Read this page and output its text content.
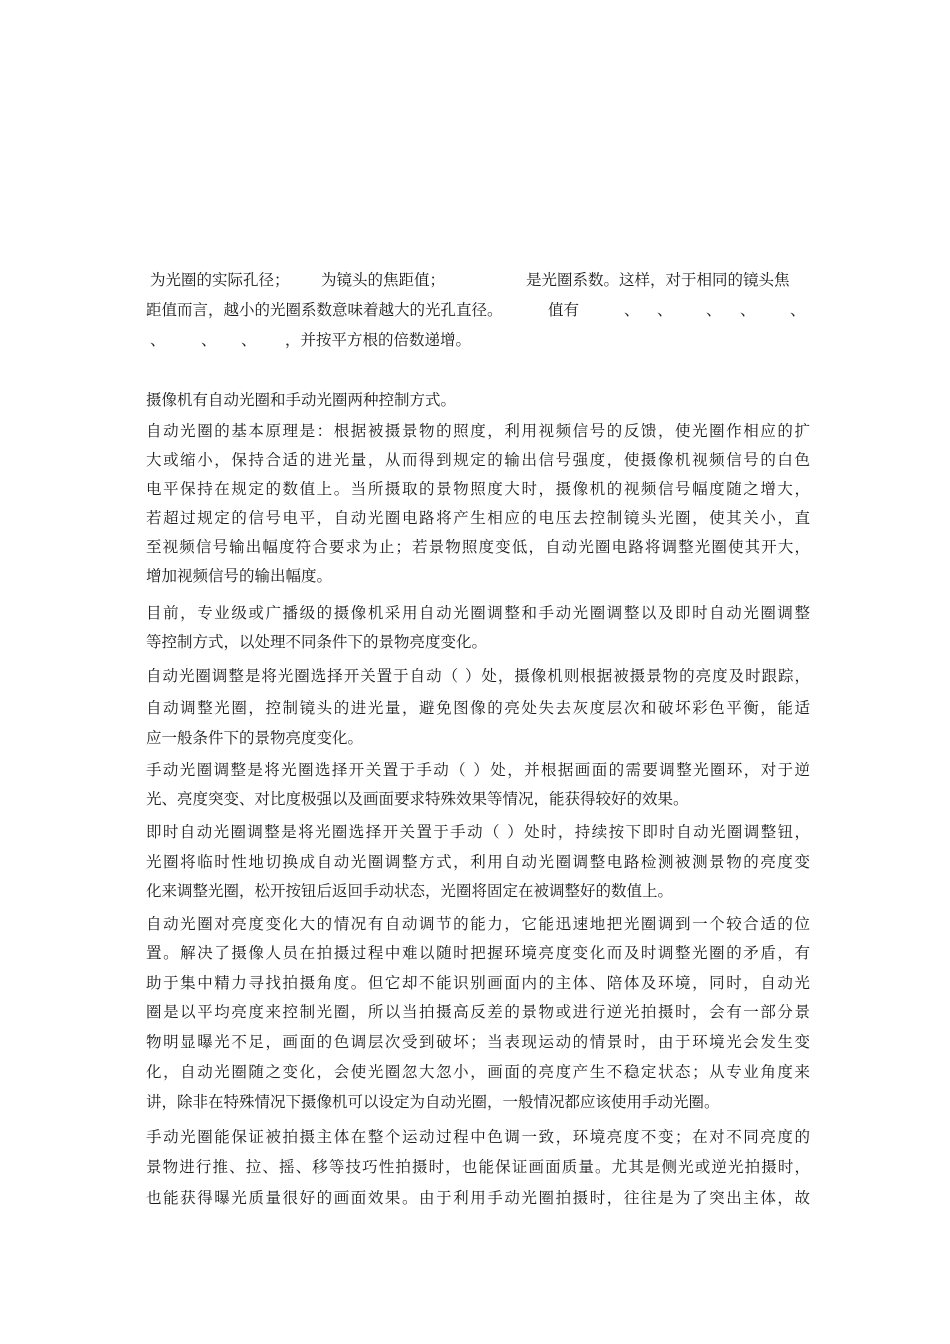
为光圈的实际孔径； 为镜头的焦距值；	是光圈系数。这样，对于相同的镜头焦
距值而言，越小的光圈系数意味着越大的光孔直径。	值有	、 、 、 、 、
、 、 、 ，并按平方根的倍数递增。
摄像机有自动光圈和手动光圈两种控制方式。
自动光圈的基本原理是：根据被摄景物的照度，利用视频信号的反馈，使光圈作相应的扩
大或缩小，保持合适的进光量，从而得到规定的输出信号强度，使摄像机视频信号的白色
电平保持在规定的数值上。当所摄取的景物照度大时，摄像机的视频信号幅度随之增大，
若超过规定的信号电平，自动光圈电路将产生相应的电压去控制镜头光圈，使其关小，直
至视频信号输出幅度符合要求为止；若景物照度变低，自动光圈电路将调整光圈使其开大，
增加视频信号的输出幅度。
目前，专业级或广播级的摄像机采用自动光圈调整和手动光圈调整以及即时自动光圈调整
等控制方式，以处理不同条件下的景物亮度变化。
自动光圈调整是将光圈选择开关置于自动（ ）处，摄像机则根据被摄景物的亮度及时跟踪，
自动调整光圈，控制镜头的进光量，避免图像的亮处失去灰度层次和破坏彩色平衡，能适
应一般条件下的景物亮度变化。
手动光圈调整是将光圈选择开关置于手动（ ）处，并根据画面的需要调整光圈环，对于逆
光、亮度突变、对比度极强以及画面要求特殊效果等情况，能获得较好的效果。
即时自动光圈调整是将光圈选择开关置于手动（ ）处时，持续按下即时自动光圈调整钮，
光圈将临时性地切换成自动光圈调整方式，利用自动光圈调整电路检测被测景物的亮度变
化来调整光圈，松开按钮后返回手动状态，光圈将固定在被调整好的数值上。
自动光圈对亮度变化大的情况有自动调节的能力，它能迅速地把光圈调到一个较合适的位
置。解决了摄像人员在拍摄过程中难以随时把握环境亮度变化而及时调整光圈的矛盾，有
助于集中精力寻找拍摄角度。但它却不能识别画面内的主体、陪体及环境，同时，自动光
圈是以平均亮度来控制光圈，所以当拍摄高反差的景物或进行逆光拍摄时，会有一部分景
物明显曝光不足，画面的色调层次受到破坏；当表现运动的情景时，由于环境光会发生变
化，自动光圈随之变化，会使光圈忽大忽小，画面的亮度产生不稳定状态；从专业角度来
讲，除非在特殊情况下摄像机可以设定为自动光圈，一般情况都应该使用手动光圈。
手动光圈能保证被拍摄主体在整个运动过程中色调一致，环境亮度不变；在对不同亮度的
景物进行推、拉、摇、移等技巧性拍摄时，也能保证画面质量。尤其是侧光或逆光拍摄时，
也能获得曝光质量很好的画面效果。由于利用手动光圈拍摄时，往往是为了突出主体，故
